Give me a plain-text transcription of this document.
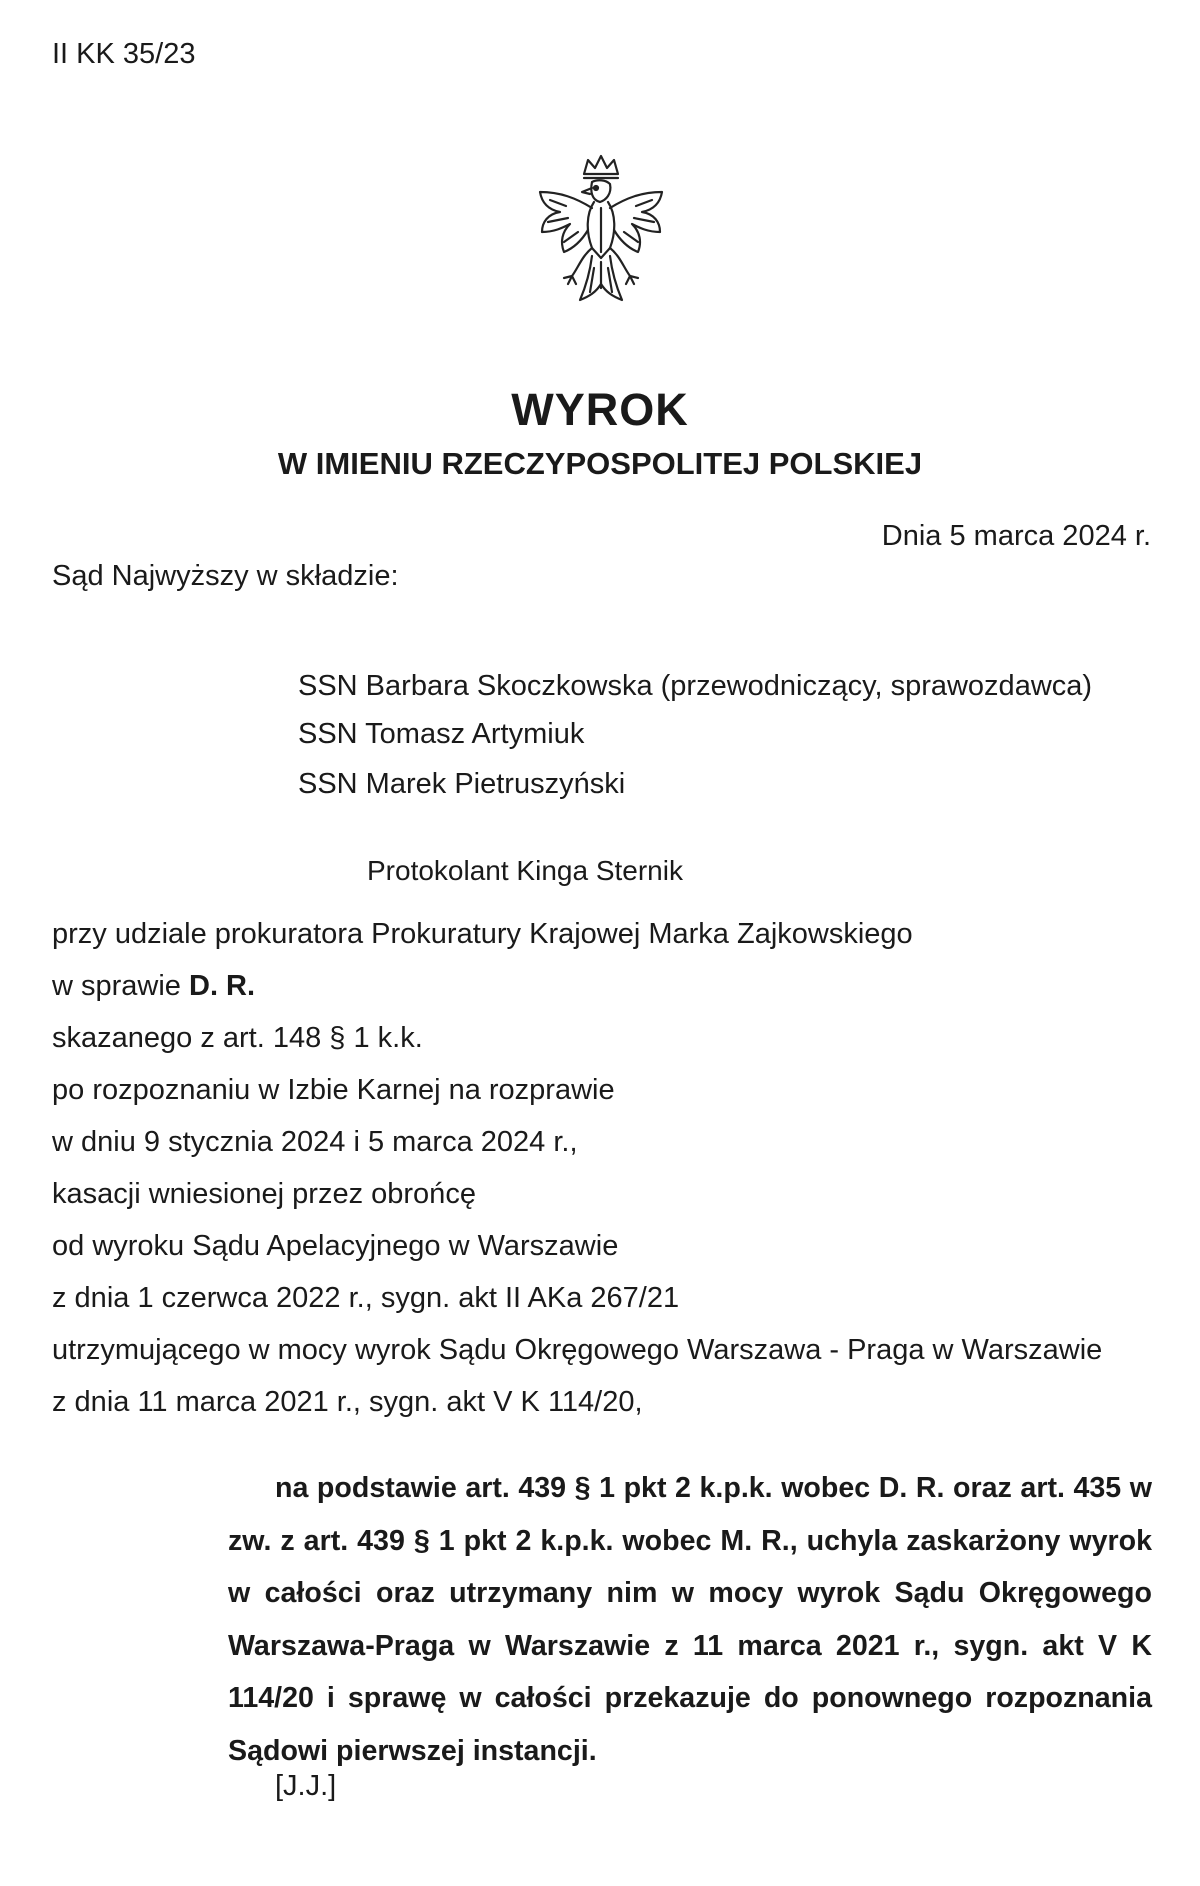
II KK 35/23
WYROK
W IMIENIU RZECZYPOSPOLITEJ POLSKIEJ
Dnia 5 marca 2024 r.
Sąd Najwyższy w składzie:
SSN Barbara Skoczkowska (przewodniczący, sprawozdawca)
SSN Tomasz Artymiuk
SSN Marek Pietruszyński
Protokolant Kinga Sternik
przy udziale prokuratora Prokuratury Krajowej Marka Zajkowskiego
w sprawie D. R.
skazanego z art. 148 § 1 k.k.
po rozpoznaniu w Izbie Karnej na rozprawie
w dniu 9 stycznia 2024 i 5 marca 2024 r.,
kasacji wniesionej przez obrońcę
od wyroku Sądu Apelacyjnego w Warszawie
z dnia 1 czerwca 2022 r., sygn. akt II AKa 267/21
utrzymującego w mocy wyrok Sądu Okręgowego Warszawa - Praga w Warszawie
z dnia 11 marca 2021 r., sygn. akt V K 114/20,
na podstawie art. 439 § 1 pkt 2 k.p.k. wobec D. R. oraz art. 435 w zw. z art. 439 § 1 pkt 2 k.p.k. wobec M. R., uchyla zaskarżony wyrok w całości oraz utrzymany nim w mocy wyrok Sądu Okręgowego Warszawa-Praga w Warszawie z 11 marca 2021 r., sygn. akt V K 114/20 i sprawę w całości przekazuje do ponownego rozpoznania Sądowi pierwszej instancji.
[J.J.]
